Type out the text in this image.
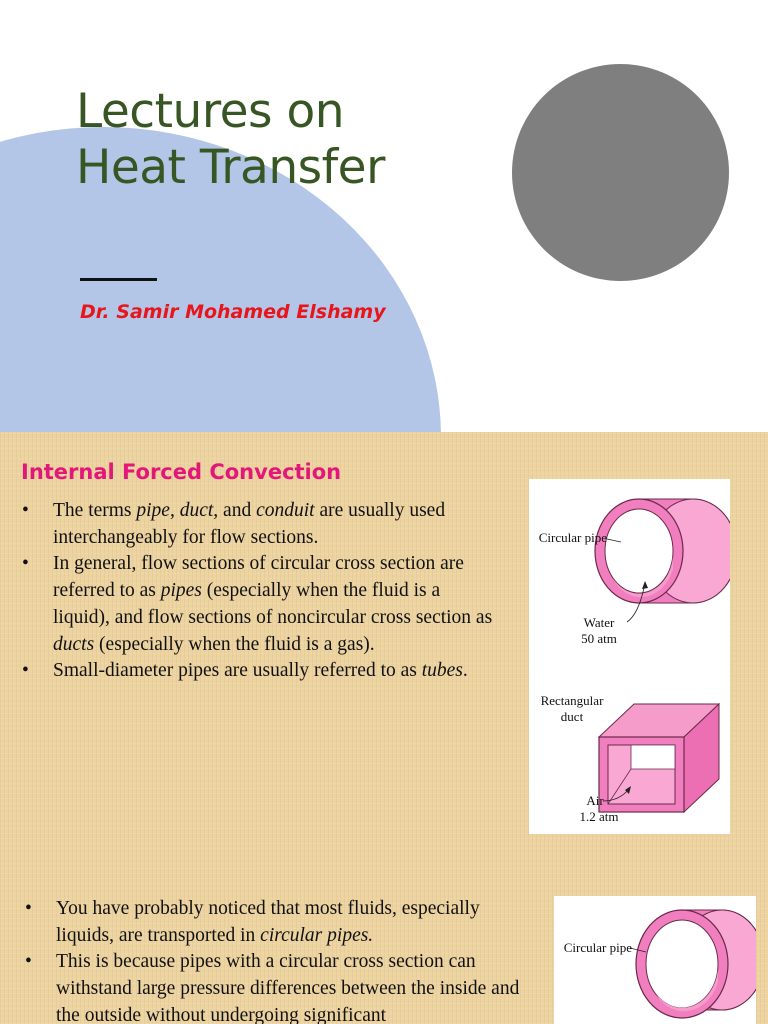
Lectures on
Heat Transfer
Dr. Samir Mohamed Elshamy
Internal Forced Convection
• The terms pipe, duct, and conduit are usually used interchangeably for flow sections.
• In general, flow sections of circular cross section are referred to as pipes (especially when the fluid is a liquid), and flow sections of noncircular cross section as ducts (especially when the fluid is a gas).
• Small-diameter pipes are usually referred to as tubes.
Circular pipe
Water
50 atm
Rectangular
duct
Air
1.2 atm
• You have probably noticed that most fluids, especially liquids, are transported in circular pipes.
• This is because pipes with a circular cross section can withstand large pressure differences between the inside and the outside without undergoing significant
Circular pipe
